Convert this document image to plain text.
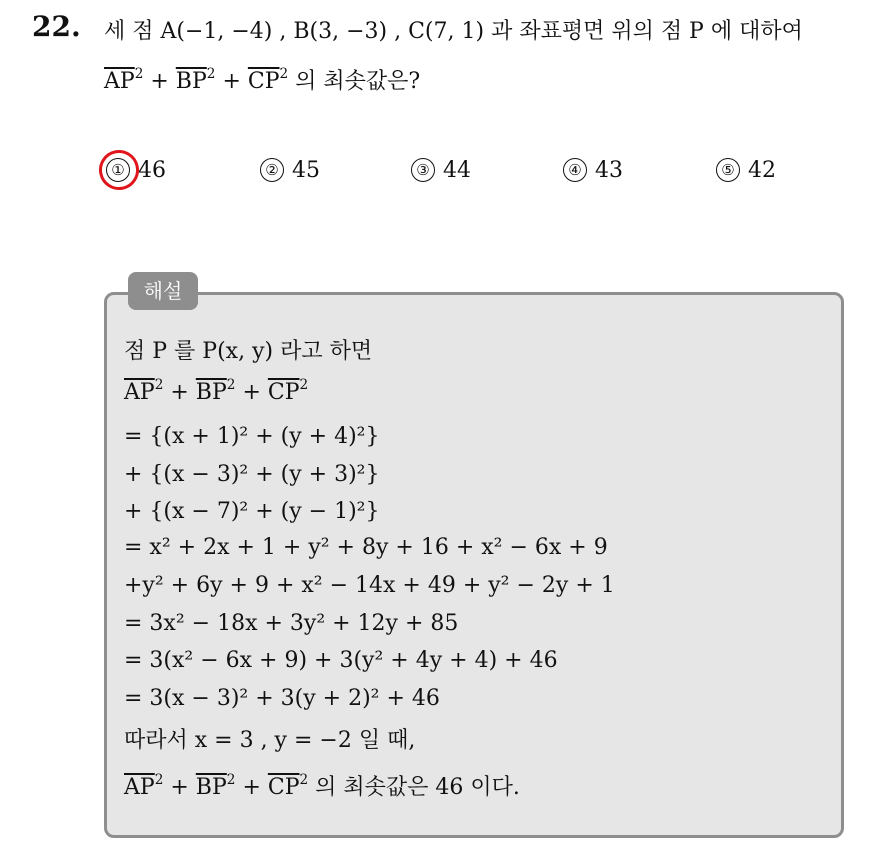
22. 세 점 A(−1, −4) , B(3, −3) , C(7, 1) 과 좌표평면 위의 점 P 에 대하여
$\overline{AP}^2 + \overline{BP}^2 + \overline{CP}^2$ 의 최솟값은?
① 46	② 45	③ 44	④ 43	⑤ 42
해설
점 P 를 P(x, y) 라고 하면
$\overline{AP}^2 + \overline{BP}^2 + \overline{CP}^2$
= {(x + 1)² + (y + 4)²}
+ {(x − 3)² + (y + 3)²}
+ {(x − 7)² + (y − 1)²}
= x² + 2x + 1 + y² + 8y + 16 + x² − 6x + 9
+y² + 6y + 9 + x² − 14x + 49 + y² − 2y + 1
= 3x² − 18x + 3y² + 12y + 85
= 3(x² − 6x + 9) + 3(y² + 4y + 4) + 46
= 3(x − 3)² + 3(y + 2)² + 46
따라서 x = 3 , y = −2 일 때,
$\overline{AP}^2 + \overline{BP}^2 + \overline{CP}^2$ 의 최솟값은 46 이다.
